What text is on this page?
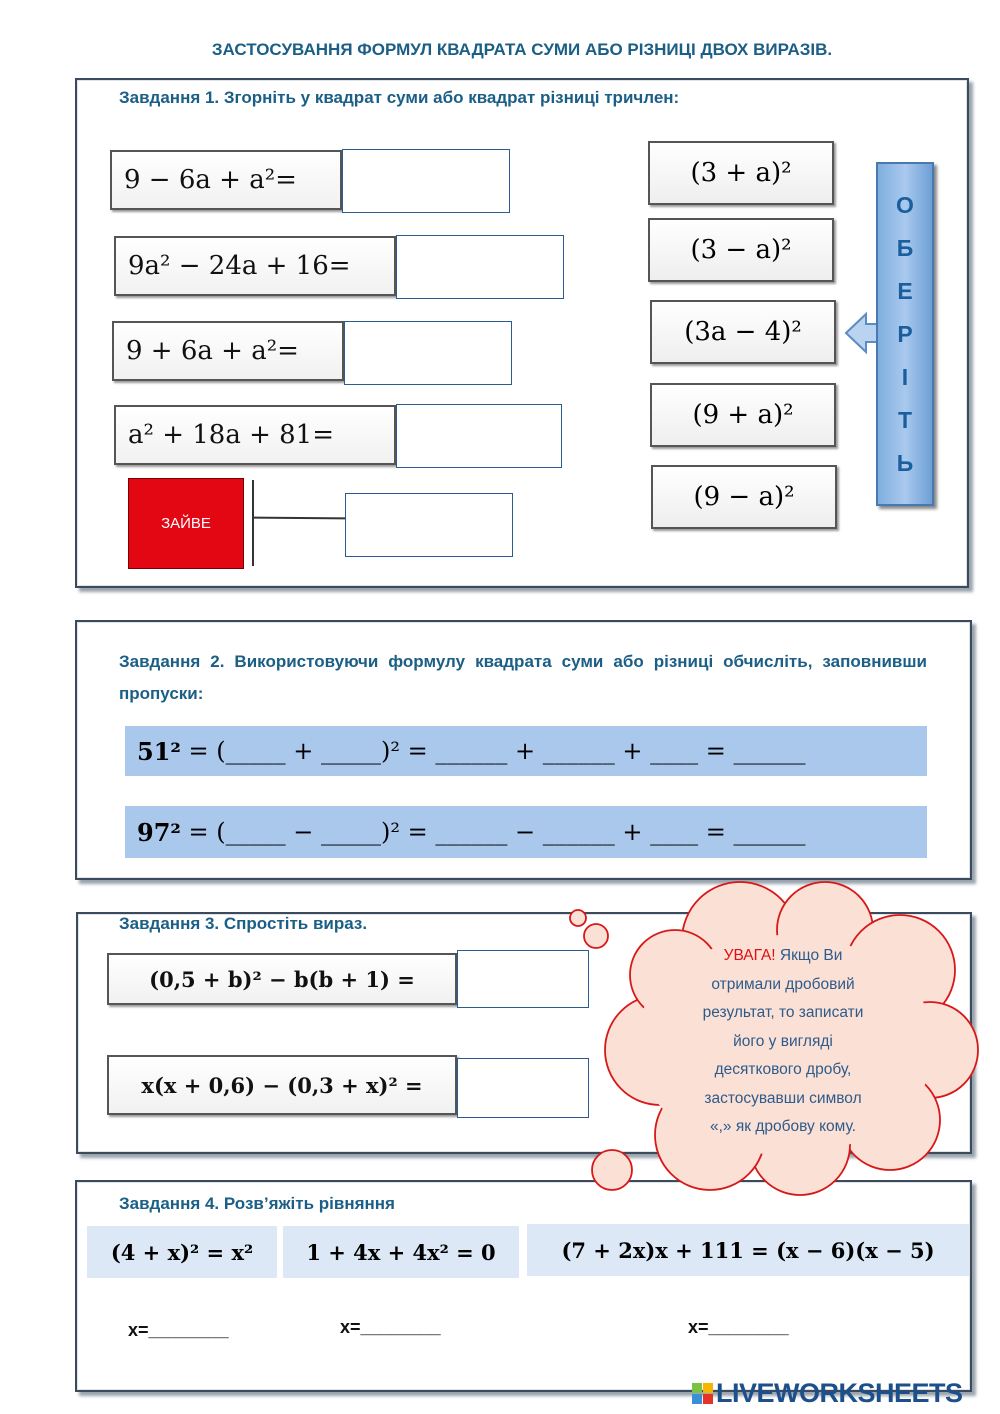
ЗАСТОСУВАННЯ ФОРМУЛ КВАДРАТА СУМИ АБО РІЗНИЦІ ДВОХ ВИРАЗІВ.
Завдання 1. Згорніть у квадрат суми або квадрат різниці тричлен:
9 − 6a + a²=
9a² − 24a + 16=
9 + 6a + a²=
a² + 18a + 81=
ЗАЙВЕ
(3 + a)²
(3 − a)²
(3a − 4)²
(9 + a)²
(9 − a)²
О
Б
Е
Р
І
Т
Ь
Завдання 2. Використовуючи формулу квадрата суми або різниці обчисліть, заповнивши пропуски:
51² = (_____ + _____)² = ______ + ______ + ____ = ______
97² = (_____ − _____)² = ______ − ______ + ____ = ______
Завдання 3. Спростіть вираз.
(0,5 + b)² − b(b + 1) =
x(x + 0,6) − (0,3 + x)² =
Завдання 4. Розв’яжіть рівняння
(4 + x)² = x²	1 + 4x + 4x² = 0	(7 + 2x)x + 111 = (x − 6)(x − 5)
x=________	x=________	x=________
УВАГА! Якщо Ви
отримали дробовий
результат, то записати
його у вигляді
десяткового дробу,
застосувавши символ
«,» як дробову кому.
LIVEWORKSHEETS
